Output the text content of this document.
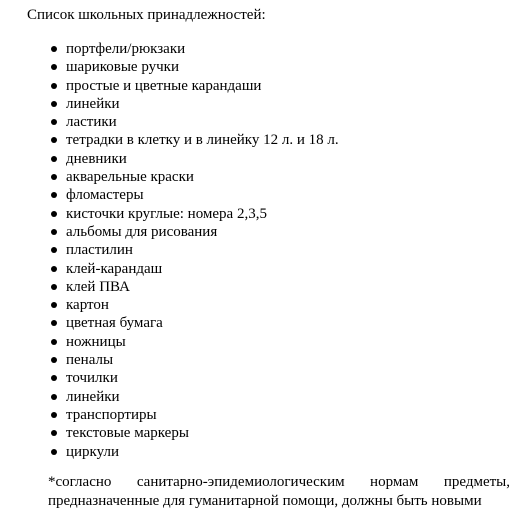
Список школьных принадлежностей:
портфели/рюкзаки
шариковые ручки
простые и цветные карандаши
линейки
ластики
тетрадки в клетку и в линейку 12 л. и 18 л.
дневники
акварельные краски
фломастеры
кисточки круглые: номера 2,3,5
альбомы для рисования
пластилин
клей-карандаш
клей ПВА
картон
цветная бумага
ножницы
пеналы
точилки
линейки
транспортиры
текстовые маркеры
циркули
*согласно санитарно-эпидемиологическим нормам предметы, предназначенные для гуманитарной помощи, должны быть новыми
